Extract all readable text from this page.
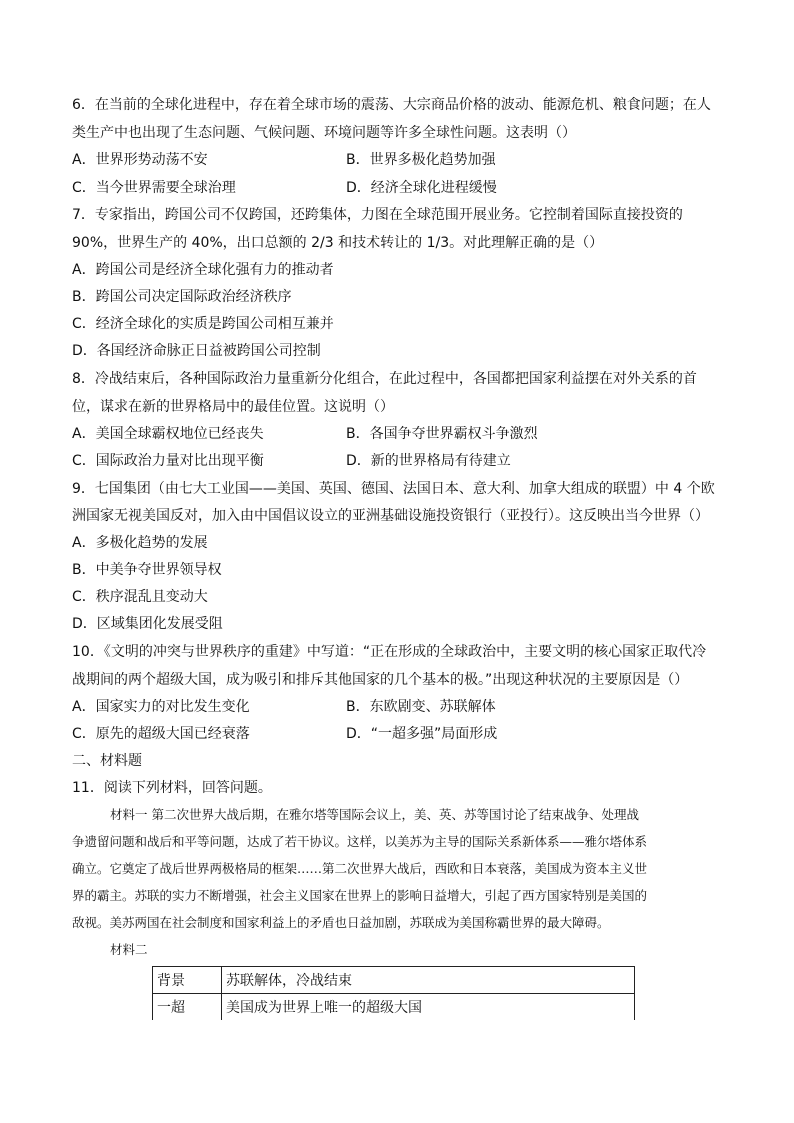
6．在当前的全球化进程中，存在着全球市场的震荡、大宗商品价格的波动、能源危机、粮食问题；在人
类生产中也出现了生态问题、气候问题、环境问题等许多全球性问题。这表明（）
A．世界形势动荡不安	B．世界多极化趋势加强
C．当今世界需要全球治理	D．经济全球化进程缓慢
7．专家指出，跨国公司不仅跨国，还跨集体，力图在全球范围开展业务。它控制着国际直接投资的
90%，世界生产的 40%，出口总额的 2/3 和技术转让的 1/3。对此理解正确的是（）
A．跨国公司是经济全球化强有力的推动者
B．跨国公司决定国际政治经济秩序
C．经济全球化的实质是跨国公司相互兼并
D．各国经济命脉正日益被跨国公司控制
8．冷战结束后，各种国际政治力量重新分化组合，在此过程中，各国都把国家利益摆在对外关系的首
位，谋求在新的世界格局中的最佳位置。这说明（）
A．美国全球霸权地位已经丧失	B．各国争夺世界霸权斗争激烈
C．国际政治力量对比出现平衡	D．新的世界格局有待建立
9．七国集团（由七大工业国——美国、英国、德国、法国日本、意大利、加拿大组成的联盟）中 4 个欧
洲国家无视美国反对，加入由中国倡议设立的亚洲基础设施投资银行（亚投行）。这反映出当今世界（）
A．多极化趋势的发展
B．中美争夺世界领导权
C．秩序混乱且变动大
D．区域集团化发展受阻
10．《文明的冲突与世界秩序的重建》中写道：“正在形成的全球政治中，主要文明的核心国家正取代冷
战期间的两个超级大国，成为吸引和排斥其他国家的几个基本的极。”出现这种状况的主要原因是（）
A．国家实力的对比发生变化	B．东欧剧变、苏联解体
C．原先的超级大国已经衰落	D．“一超多强”局面形成
二、材料题
11．阅读下列材料，回答问题。
材料一 第二次世界大战后期，在雅尔塔等国际会议上，美、英、苏等国讨论了结束战争、处理战
争遗留问题和战后和平等问题，达成了若干协议。这样，以美苏为主导的国际关系新体系——雅尔塔体系
确立。它奠定了战后世界两极格局的框架……第二次世界大战后，西欧和日本衰落，美国成为资本主义世
界的霸主。苏联的实力不断增强，社会主义国家在世界上的影响日益增大，引起了西方国家特别是美国的
敌视。美苏两国在社会制度和国家利益上的矛盾也日益加剧，苏联成为美国称霸世界的最大障碍。
材料二
背景	苏联解体，冷战结束
一超	美国成为世界上唯一的超级大国
